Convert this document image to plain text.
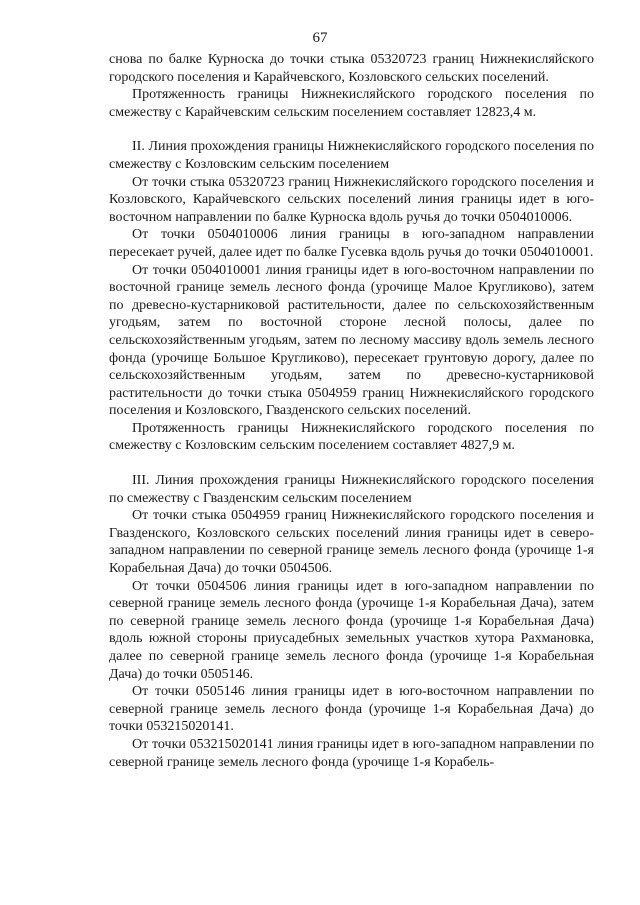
67

снова по балке Курноска до точки стыка 05320723 границ Нижнекисляйского городского поселения и Карайчевского, Козловского сельских поселений.

Протяженность границы Нижнекисляйского городского поселения по смежеству с Карайчевским сельским поселением составляет 12823,4 м.

II. Линия прохождения границы Нижнекисляйского городского поселения по смежеству с Козловским сельским поселением

От точки стыка 05320723 границ Нижнекисляйского городского поселения и Козловского, Карайчевского сельских поселений линия границы идет в юго-восточном направлении по балке Курноска вдоль ручья до точки 0504010006.

От точки 0504010006 линия границы в юго-западном направлении пересекает ручей, далее идет по балке Гусевка вдоль ручья до точки 0504010001.

От точки 0504010001 линия границы идет в юго-восточном направлении по восточной границе земель лесного фонда (урочище Малое Кругликово), затем по древесно-кустарниковой растительности, далее по сельскохозяйственным угодьям, затем по восточной стороне лесной полосы, далее по сельскохозяйственным угодьям, затем по лесному массиву вдоль земель лесного фонда (урочище Большое Кругликово), пересекает грунтовую дорогу, далее по сельскохозяйственным угодьям, затем по древесно-кустарниковой растительности до точки стыка 0504959 границ Нижнекисляйского городского поселения и Козловского, Гвазденского сельских поселений.

Протяженность границы Нижнекисляйского городского поселения по смежеству с Козловским сельским поселением составляет 4827,9 м.

III. Линия прохождения границы Нижнекисляйского городского поселения по смежеству с Гвазденским сельским поселением

От точки стыка 0504959 границ Нижнекисляйского городского поселения и Гвазденского, Козловского сельских поселений линия границы идет в северо-западном направлении по северной границе земель лесного фонда (урочище 1-я Корабельная Дача) до точки 0504506.

От точки 0504506 линия границы идет в юго-западном направлении по северной границе земель лесного фонда (урочище 1-я Корабельная Дача), затем по северной границе земель лесного фонда (урочище 1-я Корабельная Дача) вдоль южной стороны приусадебных земельных участков хутора Рахмановка, далее по северной границе земель лесного фонда (урочище 1-я Корабельная Дача) до точки 0505146.

От точки 0505146 линия границы идет в юго-восточном направлении по северной границе земель лесного фонда (урочище 1-я Корабельная Дача) до точки 053215020141.

От точки 053215020141 линия границы идет в юго-западном направлении по северной границе земель лесного фонда (урочище 1-я Корабель-
